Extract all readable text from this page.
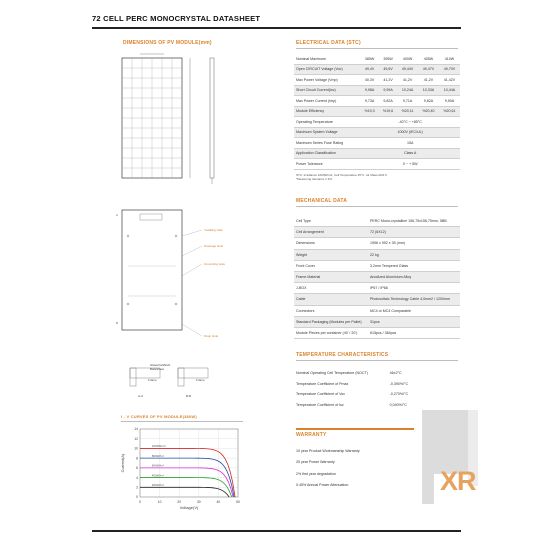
72 CELL PERC MONOCRYSTAL DATASHEET
DIMENSIONS OF PV MODULE(mm)
A
B
Installing Hole
Drainage Hole
Grounding Hole
Drain Hole
Glass/Cell/EVA
Backsheet
Frame	Frame
A-A	B-B
I - V CURVES OF PV MODULE(380W)
0	10	20	30	40	50
0
2
4
6
8
10
12
14
1000W/m²
800W/m²
600W/m²
400W/m²
200W/m²
Voltage(V)
Current(A)
ELECTRICAL DATA (STC)
Nominal Maximum	385W	395W	400W	405W	410W
Open CIRCUIT Voltage (Voc)	49,4V	49,6V	49,44V	49,47V	49,70V
Max Power Voltage (Vmp)	40,3V	41,2V	41,2V	41,2V	41,42V
Short Circuit Current(Isc)	9,98A	9,99A	10,24A	10,33A	10,44A
Max Power Current (Imp)	9,73A	9,82A	9,71A	9,82A	9,90A
Module Efficiency	%19,3	%19,6	%20,11	%20,40	%20,61
Operating Temperature	-40°C ~ +85°C				
Maximum System Voltage	1000V (IEC/UL)				
Maximum Series Fuse Rating	15A				
Application Classification	Class A				
Power Tolerance	0 ~ + 5W				
STC: Irradiance 1000W/m2, Cell Temperature 25°C, Air Mass AM1.5
*Measuring tolerance ± 3%
MECHANICAL DATA
Cell Type	PERC Mono-crystalline 156,75x156,75mm, 5BB
Cell Arrangement	72 (6X12)
Dimensions	1956 x 992 x 35 (mm)
Weight	22 kg
Front Cover	3,2mm Tempered Glass
Frame Material	Anodized Aluminium Alloy
J-BOX	IP67 / IP68
Cable	Photovoltaic Technology Cable 4,0mm2 / 1200mm
Connectors	MC4 or MC4 Comparable
Standard Packaging (Modules per Pallet)	31pcs
Module Pieces per container (40' / 20')	615pcs / 384pcs
TEMPERATURE CHARACTERISTICS
Nominal Operating Cell Temperature (NOCT)	46±2°C
Temperature Coefficient of Pmax	-0,390%/°C
Temperature Coefficient of Voc	-0,270%/°C
Temperature Coefficient of Isc	0,040%/°C
WARRANTY
10 year Product Workmanship Warranty
25 year Power Warranty
2% first year degradation
0.45% Annual Power Attenuation	XR
